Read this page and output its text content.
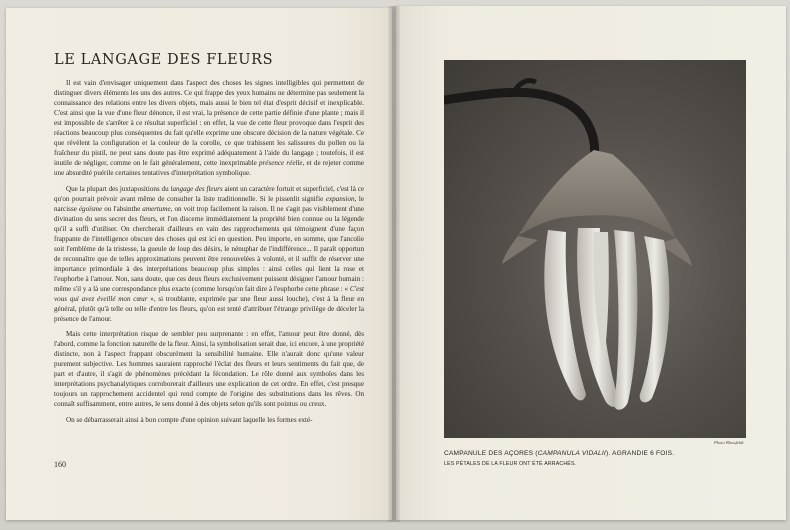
LE LANGAGE DES FLEURS

Il est vain d'envisager uniquement dans l'aspect des choses les signes intelligibles qui permettent de distinguer divers éléments les uns des autres. Ce qui frappe des yeux humains ne détermine pas seulement la connaissance des relations entre les divers objets, mais aussi le bien tel état d'esprit décisif et inexplicable. C'est ainsi que la vue d'une fleur dénonce, il est vrai, la présence de cette partie définie d'une plante ; mais il est impossible de s'arrêter à ce résultat superficiel : en effet, la vue de cette fleur provoque dans l'esprit des réactions beaucoup plus conséquentes du fait qu'elle exprime une obscure décision de la nature végétale. Ce que révèlent la configuration et la couleur de la corolle, ce que trahissent les salissures du pollen ou la fraîcheur du pistil, ne peut sans doute pas être exprimé adéquatement à l'aide du langage ; toutefois, il est inutile de négliger, comme on le fait généralement, cette inexprimable présence réelle, et de rejeter comme une absurdité puérile certaines tentatives d'interprétation symbolique.

Que la plupart des juxtapositions du langage des fleurs aient un caractère fortuit et superficiel, c'est là ce qu'on pourrait prévoir avant même de consulter la liste traditionnelle. Si le pissenlit signifie expansion, le narcisse égoïsme ou l'absinthe amertume, on voit trop facilement la raison. Il ne s'agit pas visiblement d'une divination du sens secret des fleurs, et l'on discerne immédiatement la propriété bien connue ou la légende qu'il a suffi d'utiliser. On chercherait d'ailleurs en vain des rapprochements qui témoignent d'une façon frappante de l'intelligence obscure des choses qui est ici en question. Peu importe, en somme, que l'ancolie soit l'emblème de la tristesse, la gueule de loup des désirs, le nénuphar de l'indifférence... Il paraît opportun de reconnaître que de telles approximations peuvent être renouvelées à volonté, et il suffit de réserver une importance primordiale à des interprétations beaucoup plus simples : ainsi celles qui lient la rose et l'euphorbe à l'amour. Non, sans doute, que ces deux fleurs exclusivement puissent désigner l'amour humain : même s'il y a là une correspondance plus exacte (comme lorsqu'on fait dire à l'euphorbe cette phrase : « C'est vous qui avez éveillé mon cœur », si troublante, exprimée par une fleur aussi louche), c'est à la fleur en général, plutôt qu'à telle ou telle d'entre les fleurs, qu'on est tenté d'attribuer l'étrange privilège de déceler la présence de l'amour.

Mais cette interprétation risque de sembler peu surprenante : en effet, l'amour peut être donné, dès l'abord, comme la fonction naturelle de la fleur. Ainsi, la symbolisation serait due, ici encore, à une propriété distincte, non à l'aspect frappant obscurément la sensibilité humaine. Elle n'aurait donc qu'une valeur purement subjective. Les hommes sauraient rapproché l'éclat des fleurs et leurs sentiments du fait que, de part et d'autre, il s'agit de phénomènes précédant la fécondation. Le rôle donné aux symboles dans les interprétations psychanalytiques corroborerait d'ailleurs une explication de cet ordre. En effet, c'est presque toujours un rapprochement accidentel qui rend compte de l'origine des substitutions dans les rêves. On connaît suffisamment, entre autres, le sens donné à des objets selon qu'ils sont pointus ou creux.

On se débarrasserait ainsi à bon compte d'une opinion suivant laquelle les formes exté-

160
Photo Blossfeldt
CAMPANULE DES AÇORES (CAMPANULA VIDALII). AGRANDIE 6 FOIS.
LES PÉTALES DE LA FLEUR ONT ÉTÉ ARRACHÉS.
